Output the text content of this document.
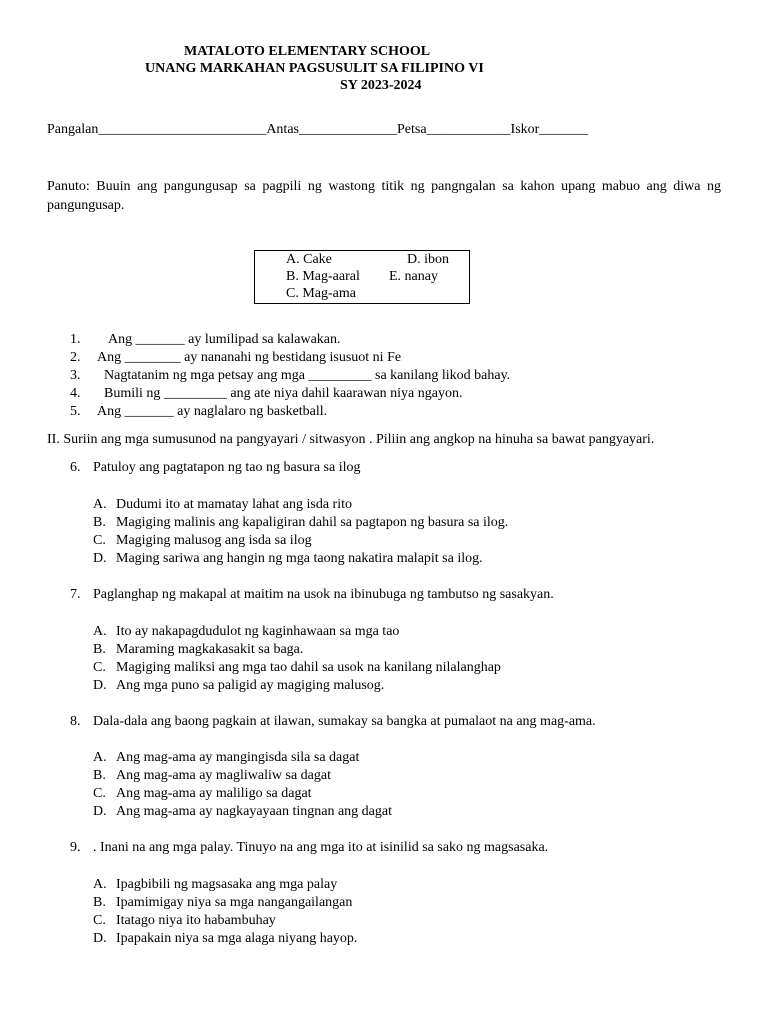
MATALOTO ELEMENTARY SCHOOL
UNANG MARKAHAN PAGSUSULIT SA FILIPINO VI
SY 2023-2024
Pangalan________________________Antas______________Petsa____________Iskor_______
Panuto: Buuin ang pangungusap sa pagpili ng wastong titik ng pangngalan sa kahon upang mabuo ang diwa ng pangungusap.
A. Cake
B. Mag-aaral
C. Mag-ama
D. ibon
E. nanay
1. Ang _______ ay lumilipad sa kalawakan.
2. Ang ________ ay nananahi ng bestidang isusuot ni Fe
3. Nagtatanim ng mga petsay ang mga _________ sa kanilang likod bahay.
4. Bumili ng _________ ang ate niya dahil kaarawan niya ngayon.
5. Ang _______ ay naglalaro ng basketball.
II. Suriin ang mga sumusunod na pangyayari / sitwasyon . Piliin ang angkop na hinuha sa bawat pangyayari.
6. Patuloy ang pagtatapon ng tao ng basura sa ilog
A. Dudumi ito at mamatay lahat ang isda rito
B. Magiging malinis ang kapaligiran dahil sa pagtapon ng basura sa ilog.
C. Magiging malusog ang isda sa ilog
D. Maging sariwa ang hangin ng mga taong nakatira malapit sa ilog.
7. Paglanghap ng makapal at maitim na usok na ibinubuga ng tambutso ng sasakyan.
A. Ito ay nakapagdudulot ng kaginhawaan sa mga tao
B. Maraming magkakasakit sa baga.
C. Magiging maliksi ang mga tao dahil sa usok na kanilang nilalanghap
D. Ang mga puno sa paligid ay magiging malusog.
8. Dala-dala ang baong pagkain at ilawan, sumakay sa bangka at pumalaot na ang mag-ama.
A. Ang mag-ama ay mangingisda sila sa dagat
B. Ang mag-ama ay magliwaliw sa dagat
C. Ang mag-ama ay maliligo sa dagat
D. Ang mag-ama ay nagkayayaan tingnan ang dagat
9. . Inani na ang mga palay. Tinuyo na ang mga ito at isinilid sa sako ng magsasaka.
A. Ipagbibili ng magsasaka ang mga palay
B. Ipamimigay niya sa mga nangangailangan
C. Itatago niya ito habambuhay
D. Ipapakain niya sa mga alaga niyang hayop.
